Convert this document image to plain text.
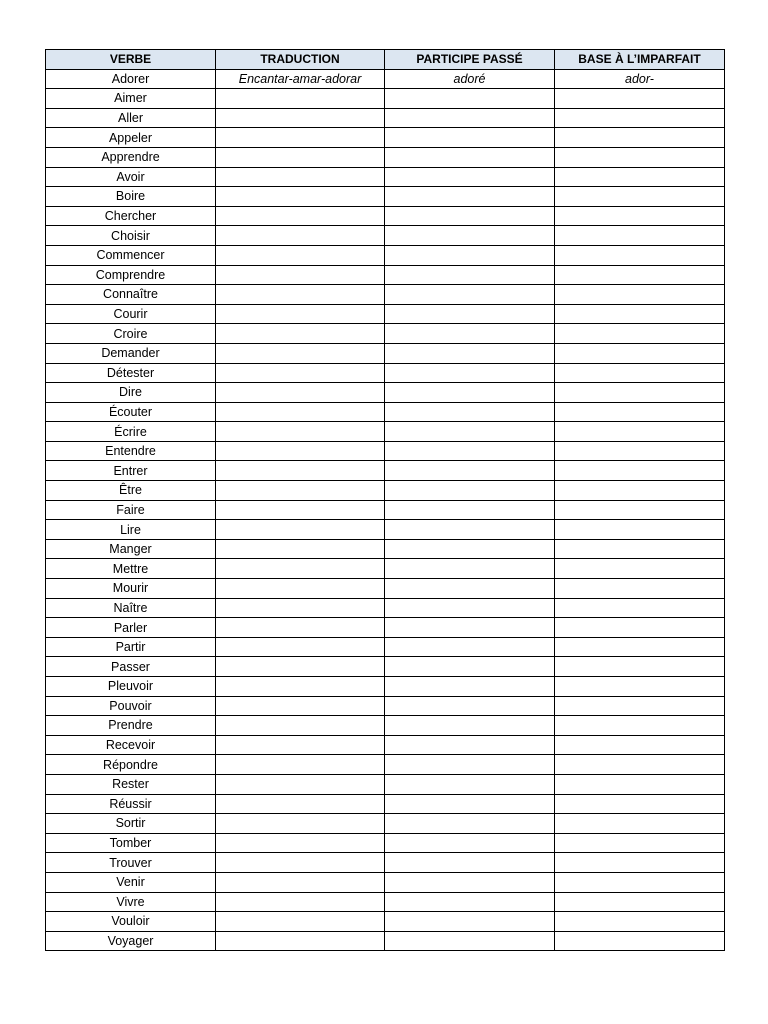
VERBE	TRADUCTION	PARTICIPE PASSÉ	BASE À L’IMPARFAIT
Adorer	Encantar-amar-adorar	adoré	ador-
Aimer			
Aller			
Appeler			
Apprendre			
Avoir			
Boire			
Chercher			
Choisir			
Commencer			
Comprendre			
Connaître			
Courir			
Croire			
Demander			
Détester			
Dire			
Écouter			
Écrire			
Entendre			
Entrer			
Être			
Faire			
Lire			
Manger			
Mettre			
Mourir			
Naître			
Parler			
Partir			
Passer			
Pleuvoir			
Pouvoir			
Prendre			
Recevoir			
Répondre			
Rester			
Réussir			
Sortir			
Tomber			
Trouver			
Venir			
Vivre			
Vouloir			
Voyager			
